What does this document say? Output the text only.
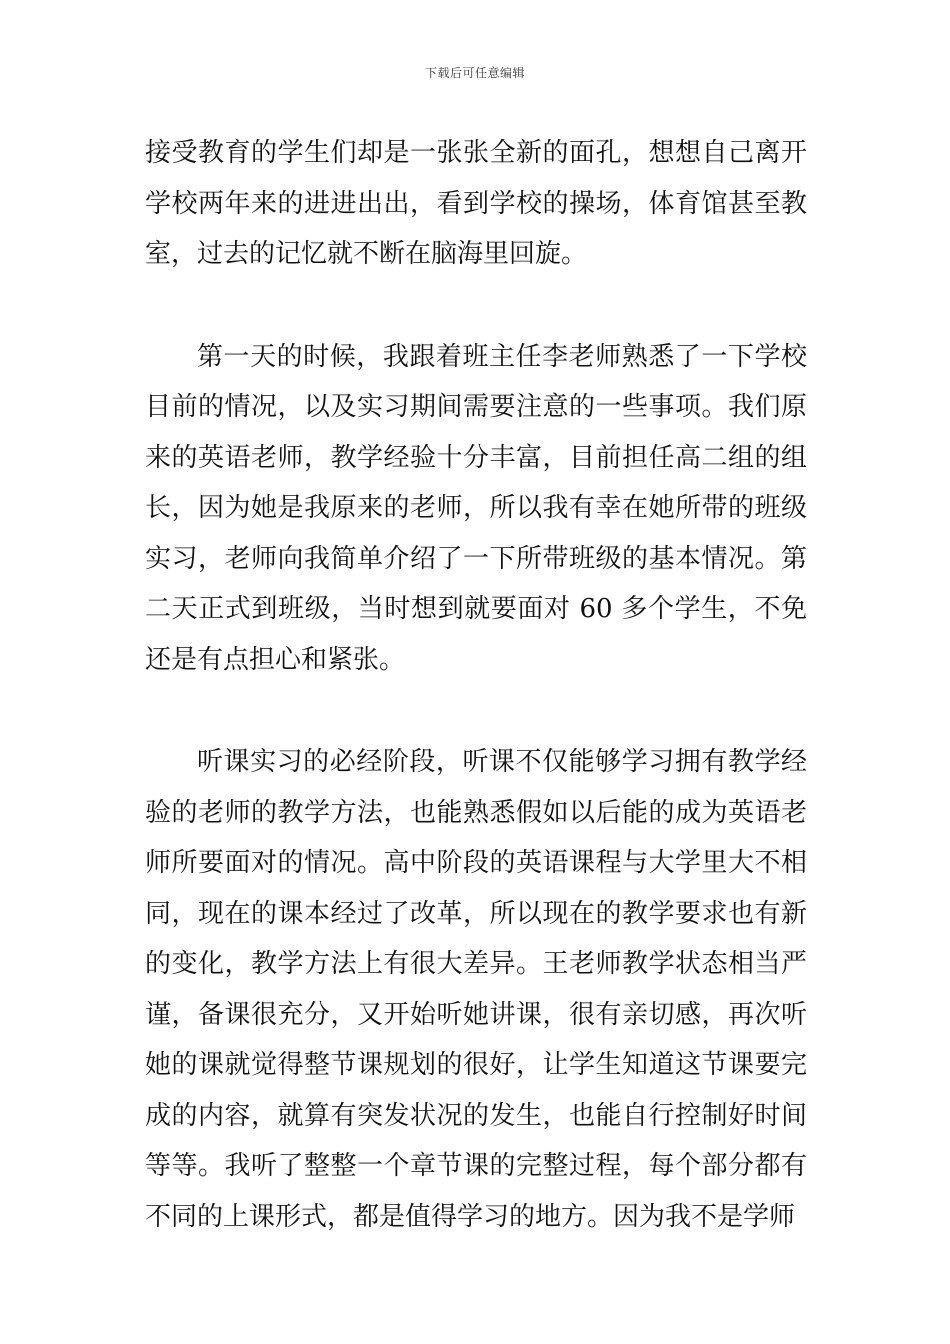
下载后可任意编辑

接受教育的学生们却是一张张全新的面孔，想想自己离开学校两年来的进进出出，看到学校的操场，体育馆甚至教室，过去的记忆就不断在脑海里回旋。

第一天的时候，我跟着班主任李老师熟悉了一下学校目前的情况，以及实习期间需要注意的一些事项。我们原来的英语老师，教学经验十分丰富，目前担任高二组的组长，因为她是我原来的老师，所以我有幸在她所带的班级实习，老师向我简单介绍了一下所带班级的基本情况。第二天正式到班级，当时想到就要面对 60 多个学生，不免还是有点担心和紧张。

听课实习的必经阶段，听课不仅能够学习拥有教学经验的老师的教学方法，也能熟悉假如以后能的成为英语老师所要面对的情况。高中阶段的英语课程与大学里大不相同，现在的课本经过了改革，所以现在的教学要求也有新的变化，教学方法上有很大差异。王老师教学状态相当严谨，备课很充分，又开始听她讲课，很有亲切感，再次听她的课就觉得整节课规划的很好，让学生知道这节课要完成的内容，就算有突发状况的发生，也能自行控制好时间等等。我听了整整一个章节课的完整过程，每个部分都有不同的上课形式，都是值得学习的地方。因为我不是学师
